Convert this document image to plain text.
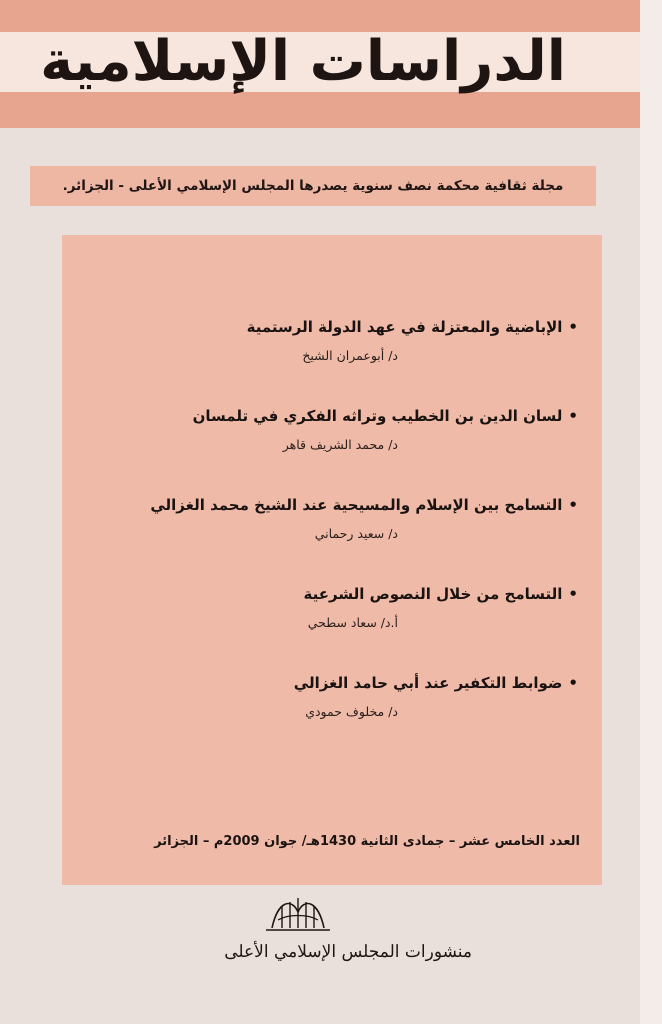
الدراسات الإسلامية
مجلة ثقافية محكمة نصف سنوية يصدرها المجلس الإسلامي الأعلى - الجزائر.
•الإباضية والمعتزلة في عهد الدولة الرستمية
د/ أبوعمران الشيخ
•لسان الدين بن الخطيب وتراثه الفكري في تلمسان
د/ محمد الشريف قاهر
•التسامح بين الإسلام والمسيحية عند الشيخ محمد الغزالي
د/ سعيد رحماني
•التسامح من خلال النصوص الشرعية
أ.د/ سعاد سطحي
•ضوابط التكفير عند أبي حامد الغزالي
د/ مخلوف حمودي
العدد الخامس عشر – جمادى الثانية 1430هـ/ جوان 2009م – الجزائر
منشورات المجلس الإسلامي الأعلى
